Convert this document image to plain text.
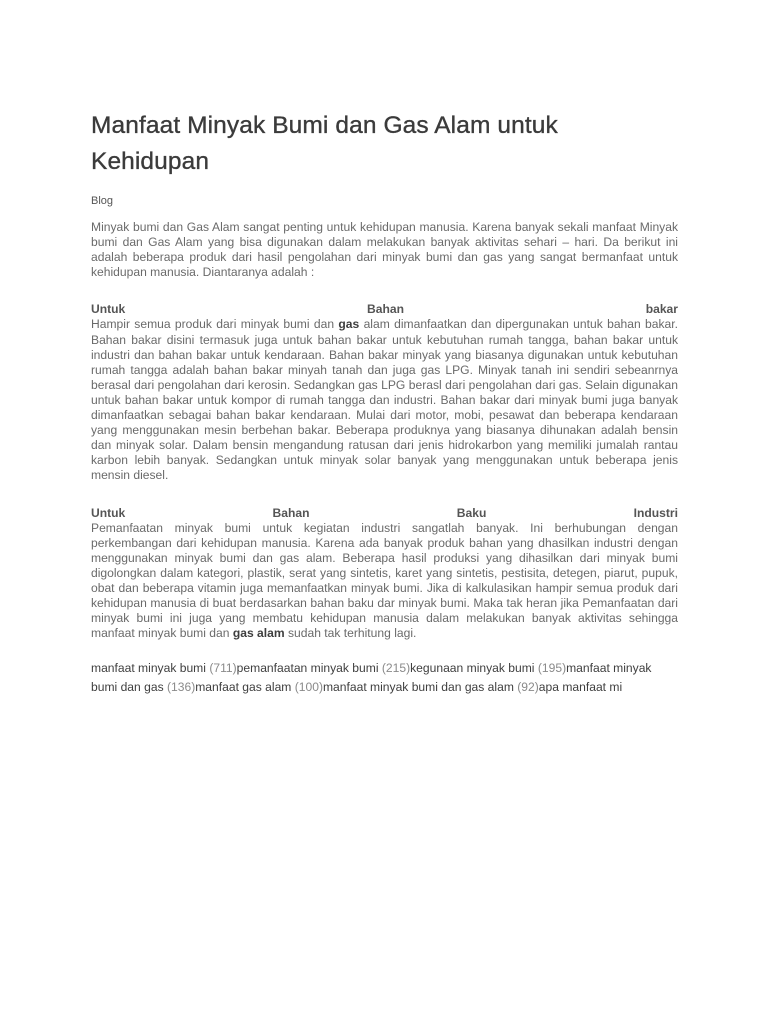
Manfaat Minyak Bumi dan Gas Alam untuk Kehidupan
Blog

Minyak bumi dan Gas Alam sangat penting untuk kehidupan manusia. Karena banyak sekali manfaat Minyak bumi dan Gas Alam yang bisa digunakan dalam melakukan banyak aktivitas sehari – hari. Da berikut ini adalah beberapa produk dari hasil pengolahan dari minyak bumi dan gas yang sangat bermanfaat untuk kehidupan manusia. Diantaranya adalah :

Untuk	Bahan	bakar

Hampir semua produk dari minyak bumi dan gas alam dimanfaatkan dan dipergunakan untuk bahan bakar. Bahan bakar disini termasuk juga untuk bahan bakar untuk kebutuhan rumah tangga, bahan bakar untuk industri dan bahan bakar untuk kendaraan. Bahan bakar minyak yang biasanya digunakan untuk kebutuhan rumah tangga adalah bahan bakar minyah tanah dan juga gas LPG. Minyak tanah ini sendiri sebeanrnya berasal dari pengolahan dari kerosin. Sedangkan gas LPG berasl dari pengolahan dari gas. Selain digunakan untuk bahan bakar untuk kompor di rumah tangga dan industri. Bahan bakar dari minyak bumi juga banyak dimanfaatkan sebagai bahan bakar kendaraan. Mulai dari motor, mobi, pesawat dan beberapa kendaraan yang menggunakan mesin berbehan bakar. Beberapa produknya yang biasanya dihunakan adalah bensin dan minyak solar. Dalam bensin mengandung ratusan dari jenis hidrokarbon yang memiliki jumalah rantau karbon lebih banyak. Sedangkan untuk minyak solar banyak yang menggunakan untuk beberapa jenis mensin diesel.

Untuk	Bahan	Baku	Industri

Pemanfaatan minyak bumi untuk kegiatan industri sangatlah banyak. Ini berhubungan dengan perkembangan dari kehidupan manusia. Karena ada banyak produk bahan yang dhasilkan industri dengan menggunakan minyak bumi dan gas alam. Beberapa hasil produksi yang dihasilkan dari minyak bumi digolongkan dalam kategori, plastik, serat yang sintetis, karet yang sintetis, pestisita, detegen, piarut, pupuk, obat dan beberapa vitamin juga memanfaatkan minyak bumi. Jika di kalkulasikan hampir semua produk dari kehidupan manusia di buat berdasarkan bahan baku dar minyak bumi. Maka tak heran jika Pemanfaatan dari minyak bumi ini juga yang membatu kehidupan manusia dalam melakukan banyak aktivitas sehingga manfaat minyak bumi dan gas alam sudah tak terhitung lagi.

manfaat minyak bumi (711)pemanfaatan minyak bumi (215)kegunaan minyak bumi (195)manfaat minyak bumi dan gas (136)manfaat gas alam (100)manfaat minyak bumi dan gas alam (92)apa manfaat mi
